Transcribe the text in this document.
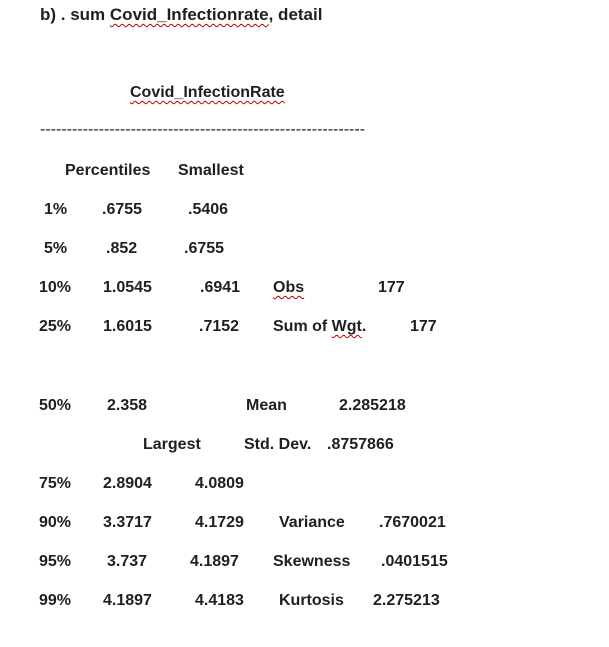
b) . sum Covid_Infectionrate, detail
Covid_InfectionRate
-------------------------------------------------------------
Percentiles Smallest
1% .6755	.5406
5% .852	.6755
10% 1.0545	.6941 Obs	177
25% 1.6015	.7152 Sum of Wgt.	177
50% 2.358	Mean	2.285218
Largest	Std. Dev. .8757866
75% 2.8904	4.0809
90% 3.3717	4.1729 Variance .7670021
95% 3.737	4.1897 Skewness .0401515
99% 4.1897	4.4183 Kurtosis 2.275213
